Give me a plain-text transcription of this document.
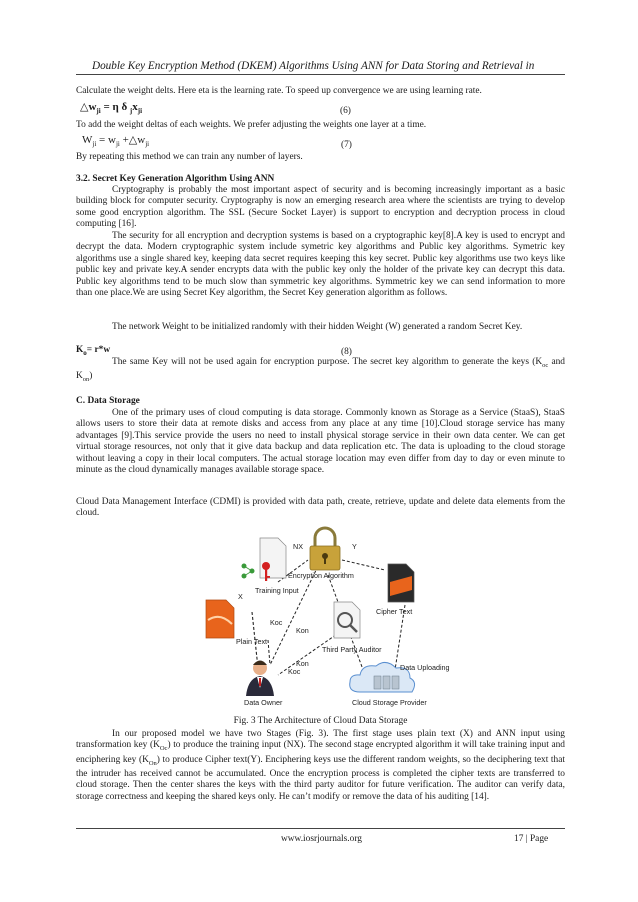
Double Key Encryption Method (DKEM) Algorithms Using ANN for Data Storing and Retrieval in
Calculate the weight delts. Here eta is the learning rate. To speed up convergence we are using learning rate.
$\triangle w_{ji} = \eta$ δ $_jx_{ji}$	(6)
To add the weight deltas of each weights. We prefer adjusting the weights one layer at a time.
$W_{ji} = w_{ji}$ $+\triangle w_{ji}$	(7)
By repeating this method we can train any number of layers.
3.2. Secret Key Generation Algorithm Using ANN
Cryptography is probably the most important aspect of security and is becoming increasingly important as a basic building block for computer security. Cryptography is now an emerging research area where the scientists are trying to develop some good encryption algorithm. The SSL (Secure Socket Layer) is support to encryption and decryption process in cloud computing [16].
The security for all encryption and decryption systems is based on a cryptographic key[8].A key is used to encrypt and decrypt the data. Modern cryptographic system include symetric key algorithms and Public key algorithms. Symetric key algorithms use a single shared key, keeping data secret requires keeping this key secret. Public key algorithms use two keys like public key and private key.A sender encrypts data with the public key only the holder of the private key can decrypt this data. Public key algorithms tend to be much slow than symmetric key algorithms. Symmetric key we can send information to more than one place.We are using Secret Key algorithm, the Secret Key generation algorithm as follows.
The network Weight to be initialized randomly with their hidden Weight (W) generated a random Secret Key.
$K_o= r*w$	(8)
The same Key will not be used again for encryption purpose. The secret key algorithm to generate the keys ($K_{oc}$ and $K_{on}$)
C. Data Storage
One of the primary uses of cloud computing is data storage. Commonly known as Storage as a Service (StaaS), StaaS allows users to store their data at remote disks and access from any place at any time [10].Cloud storage service has many advantages [9].This service provide the users no need to install physical storage service in their own data center. We can get virtual storage resources, not only that it give data backup and data replication etc. The data is uploading to the cloud storage without leaving a copy in their local computers. The actual storage location may even differ from day to day or even minute to minute as the cloud dynamically manages available storage space.
Cloud Data Management Interface (CDMI) is provided with data path, create, retrieve, update and delete data elements from the cloud.
NX	Y
Encryption Algorithm
X
Training Input
Cipher Text
Plain Text
Koc
Kon
Kon
Koc
Third Party Auditor
Data Owner
Data Uploading
Cloud Storage Provider
Fig. 3 The Architecture of Cloud Data Storage
In our proposed model we have two Stages (Fig. 3). The first stage uses plain text (X) and ANN input using transformation key $(K_{Oc})$ to produce the training input (NX). The second stage encrypted algorithm it will take training input and enciphering key $(K_{On})$ to produce Cipher text(Y). Enciphering keys use the different random weights, so the deciphering text that the intruder has received cannot be accumulated. Once the encryption process is completed the cipher texts are transferred to cloud storage. Then the center shares the keys with the third party auditor for future verification. The auditor can verify data, storage correctness and keeping the shared keys only. He can’t modify or remove the data of his auditing [14].
www.iosrjournals.org	17 | Page
